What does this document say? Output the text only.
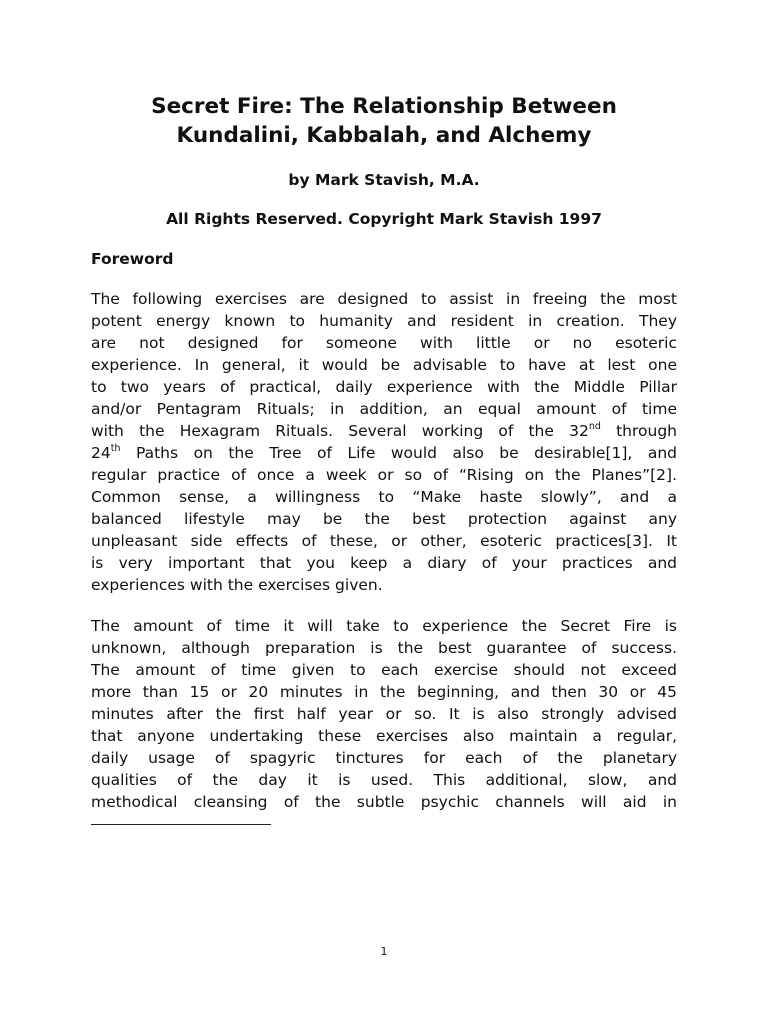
Secret Fire: The Relationship Between
Kundalini, Kabbalah, and Alchemy

by Mark Stavish, M.A.

All Rights Reserved. Copyright Mark Stavish 1997

Foreword

The following exercises are designed to assist in freeing the most
potent energy known to humanity and resident in creation. They
are not designed for someone with little or no esoteric
experience. In general, it would be advisable to have at lest one
to two years of practical, daily experience with the Middle Pillar
and/or Pentagram Rituals; in addition, an equal amount of time
with the Hexagram Rituals. Several working of the 32nd through
24th Paths on the Tree of Life would also be desirable[1], and
regular practice of once a week or so of “Rising on the Planes”[2].
Common sense, a willingness to “Make haste slowly”, and a
balanced lifestyle may be the best protection against any
unpleasant side effects of these, or other, esoteric practices[3]. It
is very important that you keep a diary of your practices and
experiences with the exercises given.
The amount of time it will take to experience the Secret Fire is
unknown, although preparation is the best guarantee of success.
The amount of time given to each exercise should not exceed
more than 15 or 20 minutes in the beginning, and then 30 or 45
minutes after the first half year or so. It is also strongly advised
that anyone undertaking these exercises also maintain a regular,
daily usage of spagyric tinctures for each of the planetary
qualities of the day it is used. This additional, slow, and
methodical cleansing of the subtle psychic channels will aid in

1
